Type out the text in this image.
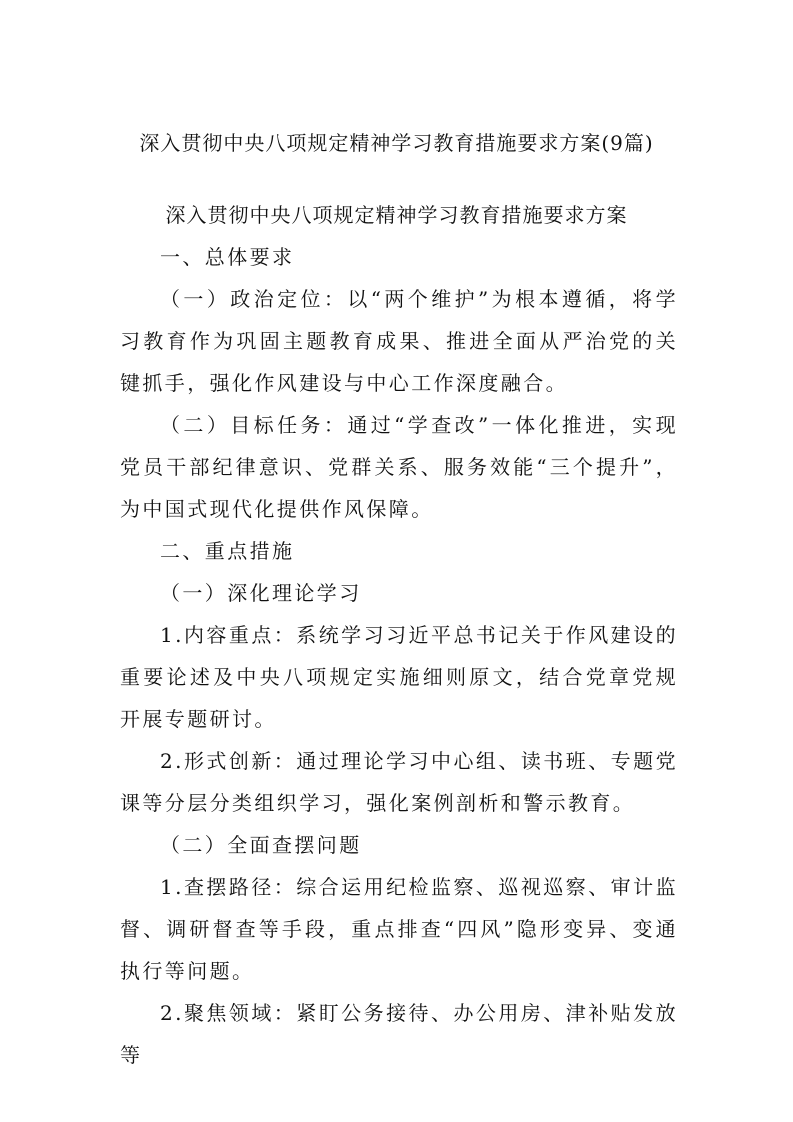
深入贯彻中央八项规定精神学习教育措施要求方案(9篇)
深入贯彻中央八项规定精神学习教育措施要求方案

一、总体要求

（一）政治定位：以“两个维护”为根本遵循，将学习教育作为巩固主题教育成果、推进全面从严治党的关键抓手，强化作风建设与中心工作深度融合。

（二）目标任务：通过“学查改”一体化推进，实现党员干部纪律意识、党群关系、服务效能“三个提升”，为中国式现代化提供作风保障。

二、重点措施

（一）深化理论学习

1.内容重点：系统学习习近平总书记关于作风建设的重要论述及中央八项规定实施细则原文，结合党章党规开展专题研讨。

2.形式创新：通过理论学习中心组、读书班、专题党课等分层分类组织学习，强化案例剖析和警示教育。

（二）全面查摆问题

1.查摆路径：综合运用纪检监察、巡视巡察、审计监督、调研督查等手段，重点排查“四风”隐形变异、变通执行等问题。

2.聚焦领域：紧盯公务接待、办公用房、津补贴发放等
